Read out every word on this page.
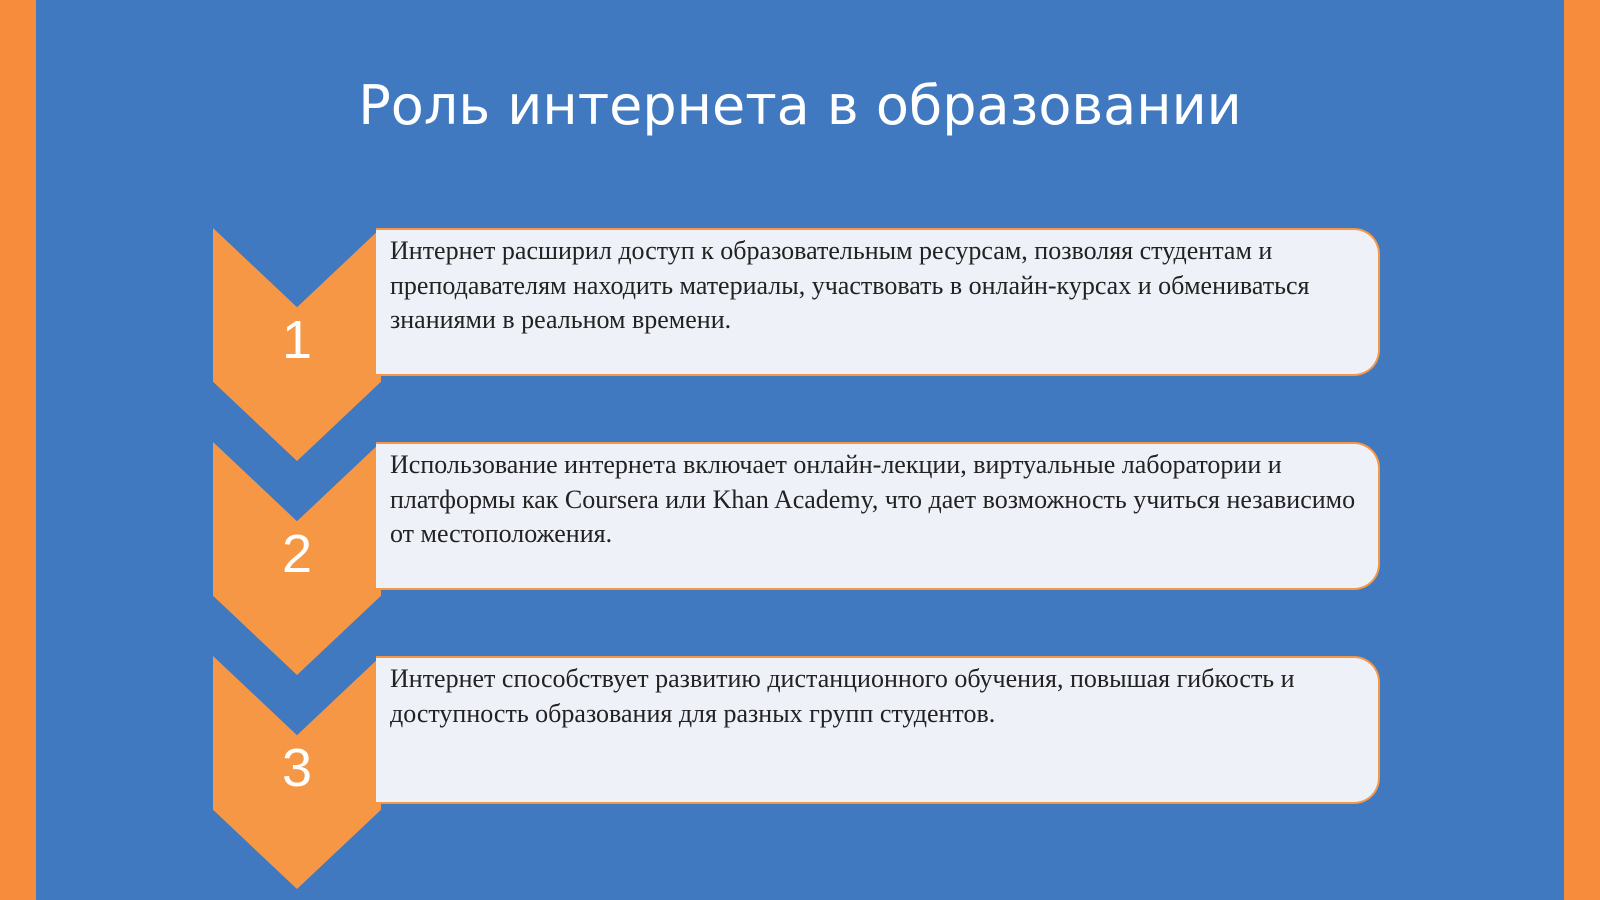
Роль интернета в образовании
1

Интернет расширил доступ к образовательным ресурсам, позволяя студентам и преподавателям находить материалы, участвовать в онлайн-курсах и обмениваться знаниями в реальном времени.

2

Использование интернета включает онлайн-лекции, виртуальные лаборатории и платформы как Coursera или Khan Academy, что дает возможность учиться независимо от местоположения.

3

Интернет способствует развитию дистанционного обучения, повышая гибкость и доступность образования для разных групп студентов.
